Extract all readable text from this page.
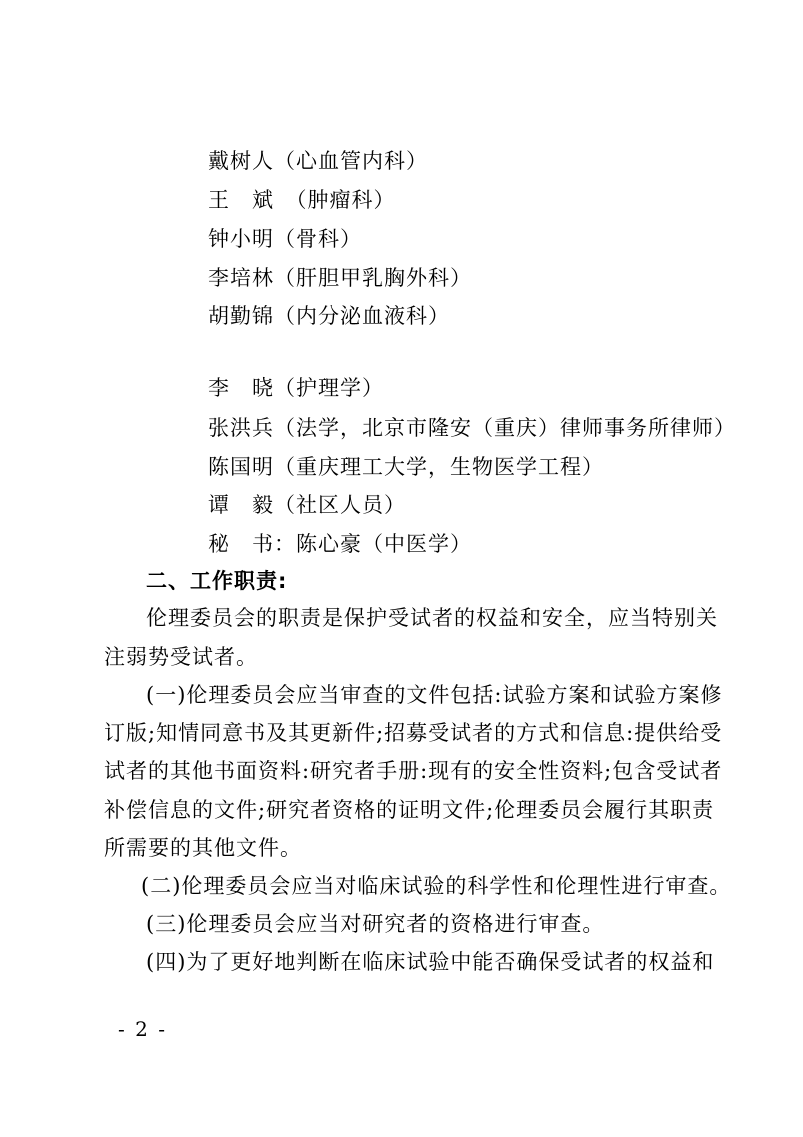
戴树人（心血管内科）

王　斌　（肿瘤科）

钟小明（骨科）

李培林（肝胆甲乳胸外科）

胡勤锦（内分泌血液科）

李　晓（护理学）

张洪兵（法学，北京市隆安（重庆）律师事务所律师）

陈国明（重庆理工大学，生物医学工程）

谭　毅（社区人员）

秘　书：陈心豪（中医学）

二、工作职责:

伦理委员会的职责是保护受试者的权益和安全，应当特别关

注弱势受试者。

(一)伦理委员会应当审查的文件包括:试验方案和试验方案修

订版;知情同意书及其更新件;招募受试者的方式和信息:提供给受

试者的其他书面资料:研究者手册:现有的安全性资料;包含受试者

补偿信息的文件;研究者资格的证明文件;伦理委员会履行其职责

所需要的其他文件。

(二)伦理委员会应当对临床试验的科学性和伦理性进行审查。

(三)伦理委员会应当对研究者的资格进行审查。

(四)为了更好地判断在临床试验中能否确保受试者的权益和

- 2 -
